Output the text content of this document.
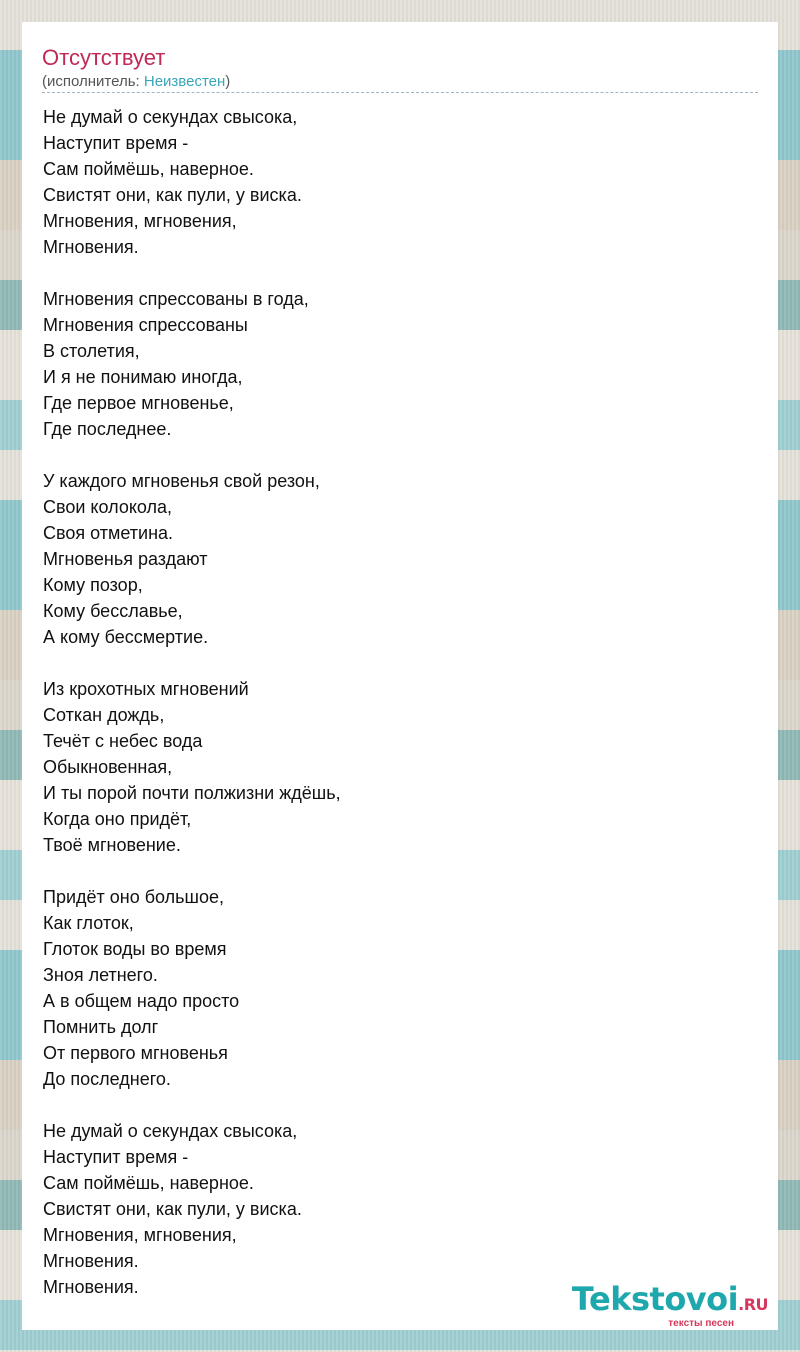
Отсутствует
(исполнитель: Неизвестен)
Не думай о секундах свысока,
Наступит время -
Сам поймёшь, наверное.
Свистят они, как пули, у виска.
Мгновения, мгновения,
Мгновения.
Мгновения спрессованы в года,
Мгновения спрессованы
В столетия,
И я не понимаю иногда,
Где первое мгновенье,
Где последнее.
У каждого мгновенья свой резон,
Свои колокола,
Своя отметина.
Мгновенья раздают
Кому позор,
Кому бесславье,
А кому бессмертие.
Из крохотных мгновений
Соткан дождь,
Течёт с небес вода
Обыкновенная,
И ты порой почти полжизни ждёшь,
Когда оно придёт,
Твоё мгновение.
Придёт оно большое,
Как глоток,
Глоток воды во время
Зноя летнего.
А в общем надо просто
Помнить долг
От первого мгновенья
До последнего.
Не думай о секундах свысока,
Наступит время -
Сам поймёшь, наверное.
Свистят они, как пули, у виска.
Мгновения, мгновения,
Мгновения.
Мгновения.	Tekstovoi.RU
тексты песен
